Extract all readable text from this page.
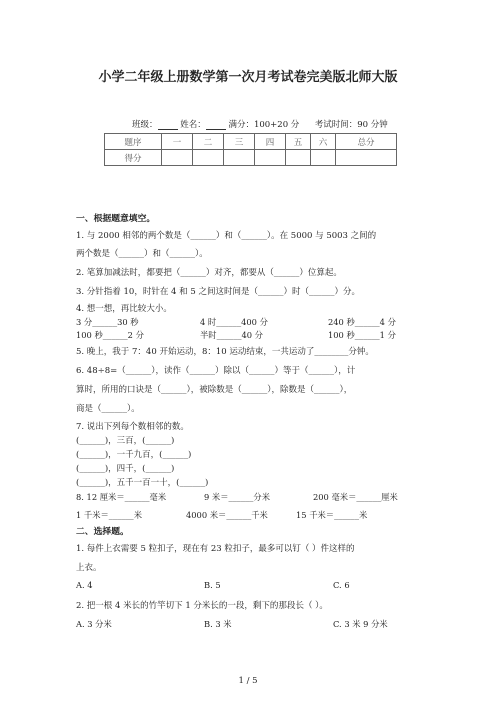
小学二年级上册数学第一次月考试卷完美版北师大版
班级：	姓名：	满分：100+20 分 考试时间：90 分钟
题序	一	二	三	四	五	六	总分
得分							
一、根据题意填空。
1. 与 2000 相邻的两个数是（______）和（______）。在 5000 与 5003 之间的
两个数是（______）和（______）。
2. 笔算加减法时，都要把（______）对齐，都要从（______）位算起。
3. 分针指着 10，时针在 4 和 5 之间这时间是（______）时（______）分。
4. 想一想，再比较大小。
3 分______30 秒	4 时______400 分	240 秒______4 分
100 秒______2 分	半时______40 分	100 秒______1 分
5. 晚上，我于 7：40 开始运动，8：10 运动结束，一共运动了________分钟。
6. 48÷8=（______），读作（______）除以（______）等于（______），计
算时，所用的口诀是（______），被除数是（______），除数是（______），
商是（______）。
7. 说出下列每个数相邻的数。
(______)，三百，(______)
(______)，一千九百，(______)
(______)，四千，(______)
(______)，五千一百一十，(______)
8. 12 厘米＝______毫米	9 米＝______分米	200 毫米＝______厘米
1 千米＝______米	4000 米＝______千米	15 千米＝______米
二、选择题。
1. 每件上衣需要 5 粒扣子，现在有 23 粒扣子，最多可以钉（ ）件这样的
上衣。
A. 4	B. 5	C. 6
2. 把一根 4 米长的竹竿切下 1 分米长的一段，剩下的那段长（ ）。
A. 3 分米	B. 3 米	C. 3 米 9 分米
1 / 5
